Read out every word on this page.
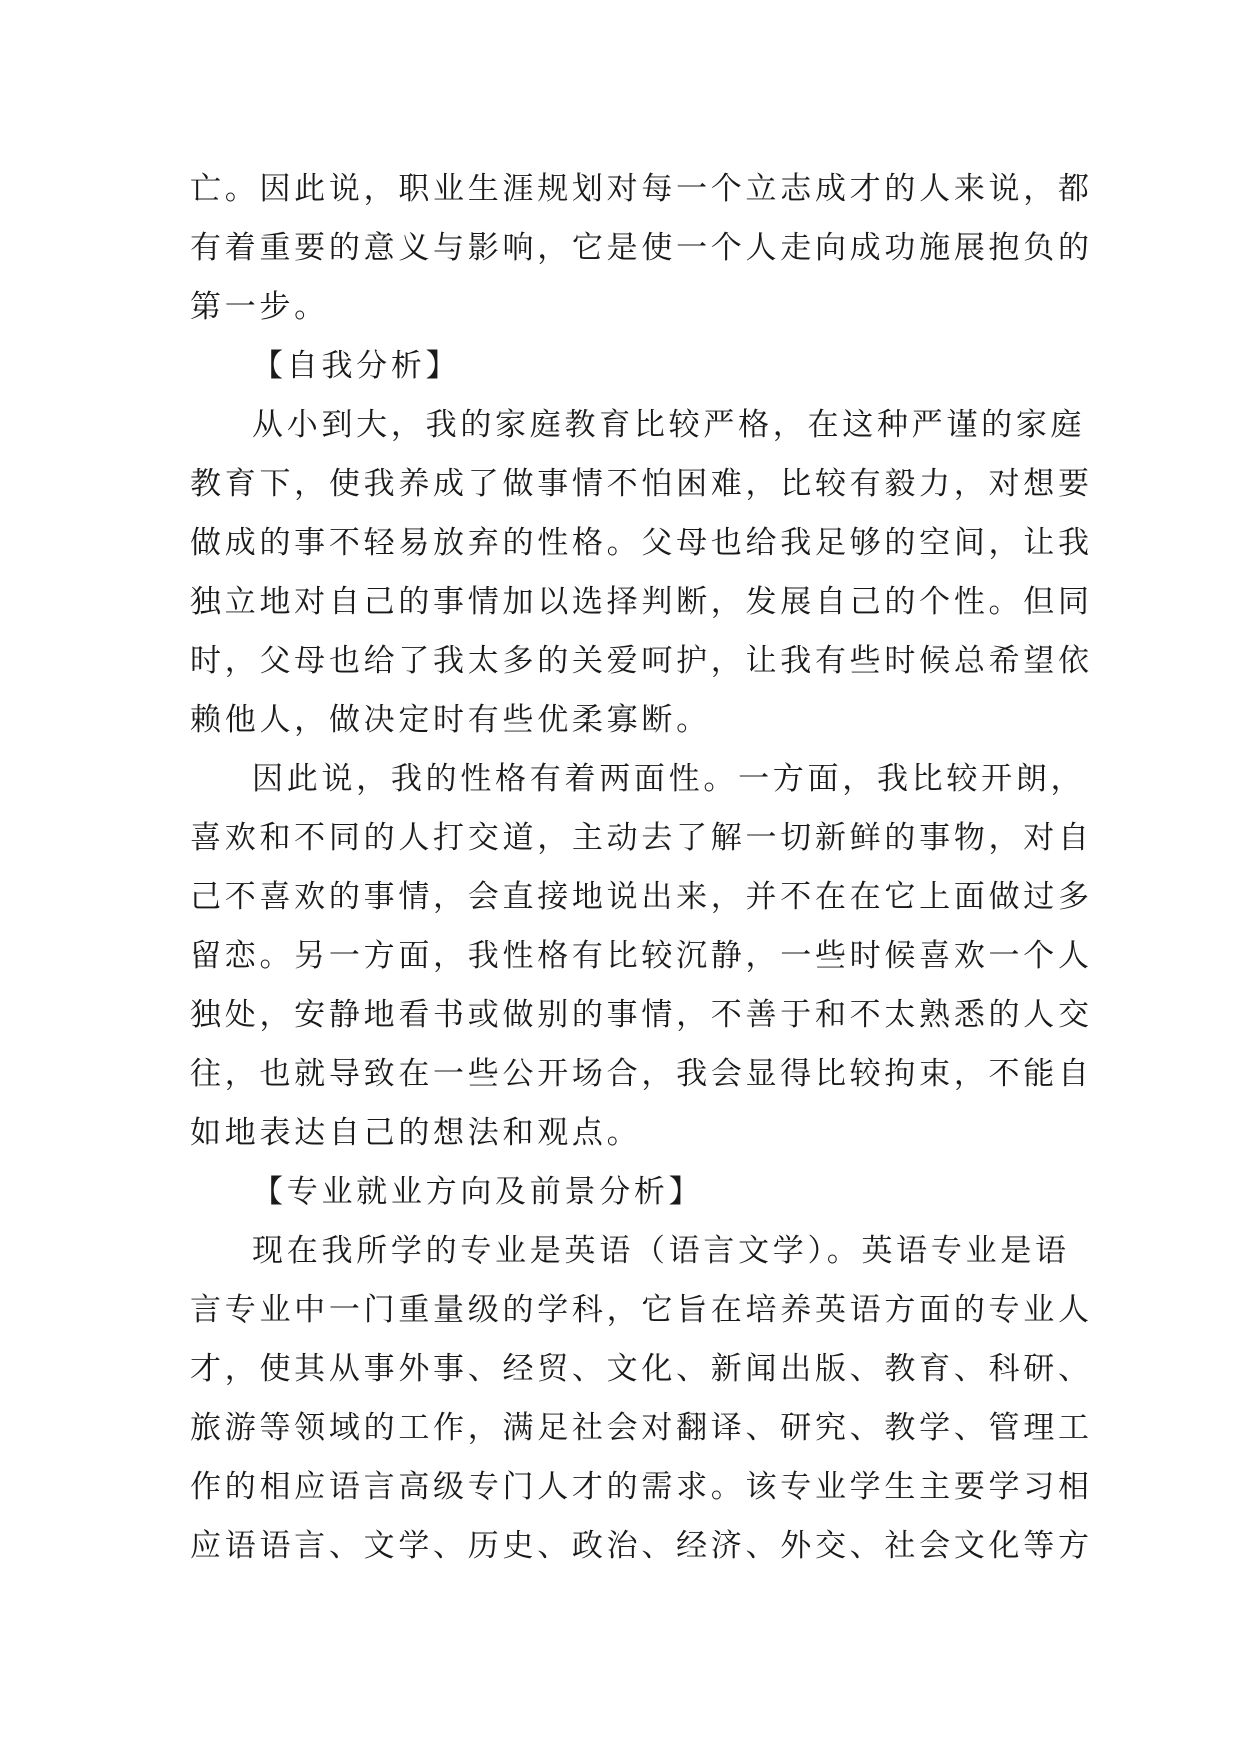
亡。因此说，职业生涯规划对每一个立志成才的人来说，都
有着重要的意义与影响，它是使一个人走向成功施展抱负的
第一步。
【自我分析】
从小到大，我的家庭教育比较严格，在这种严谨的家庭
教育下，使我养成了做事情不怕困难，比较有毅力，对想要
做成的事不轻易放弃的性格。父母也给我足够的空间，让我
独立地对自己的事情加以选择判断，发展自己的个性。但同
时，父母也给了我太多的关爱呵护，让我有些时候总希望依
赖他人，做决定时有些优柔寡断。
因此说，我的性格有着两面性。一方面，我比较开朗，
喜欢和不同的人打交道，主动去了解一切新鲜的事物，对自
己不喜欢的事情，会直接地说出来，并不在在它上面做过多
留恋。另一方面，我性格有比较沉静，一些时候喜欢一个人
独处，安静地看书或做别的事情，不善于和不太熟悉的人交
往，也就导致在一些公开场合，我会显得比较拘束，不能自
如地表达自己的想法和观点。
【专业就业方向及前景分析】
现在我所学的专业是英语（语言文学）。英语专业是语
言专业中一门重量级的学科，它旨在培养英语方面的专业人
才，使其从事外事、经贸、文化、新闻出版、教育、科研、
旅游等领域的工作，满足社会对翻译、研究、教学、管理工
作的相应语言高级专门人才的需求。该专业学生主要学习相
应语语言、文学、历史、政治、经济、外交、社会文化等方
